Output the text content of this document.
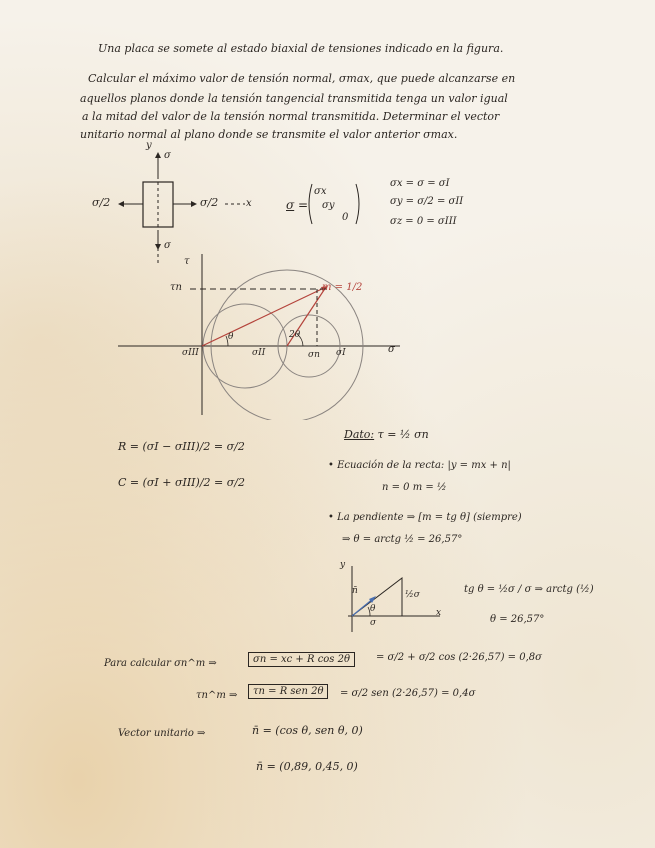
Una placa se somete al estado biaxial de tensiones indicado en la figura.
Calcular el máximo valor de tensión normal, σmax, que puede alcanzarse en
aquellos planos donde la tensión tangencial transmitida tenga un valor igual
a la mitad del valor de la tensión normal transmitida. Determinar el vector
unitario normal al plano donde se transmite el valor anterior σmax.
y
σ
σ
σ/2	σ/2	x	σ =
σx
σy
0
σx = σ = σI
σy = σ/2 = σII
σz = 0 = σIII
τ
σ
τn	m = 1/2
θ	2θ
σIII	σII	σn σI
R = (σI − σIII)/2 = σ/2
C = (σI + σIII)/2 = σ/2
Dato: τ = ½ σn
• Ecuación de la recta: |y = mx + n|
n = 0 m = ½
• La pendiente ⇒ [m = tg θ] (siempre)
⇒ θ = arctg ½ = 26,57°
y
n̄
θ
½σ
σ
x
tg θ = ½σ / σ ⇒ arctg (½)
θ = 26,57°
Para calcular σn^m ⇒	σn = xc + R cos 2θ	= σ/2 + σ/2 cos (2·26,57) = 0,8σ
τn^m ⇒	τn = R sen 2θ	= σ/2 sen (2·26,57) = 0,4σ
Vector unitario ⇒	n̄ = (cos θ, sen θ, 0)
n̄ = (0,89, 0,45, 0)
